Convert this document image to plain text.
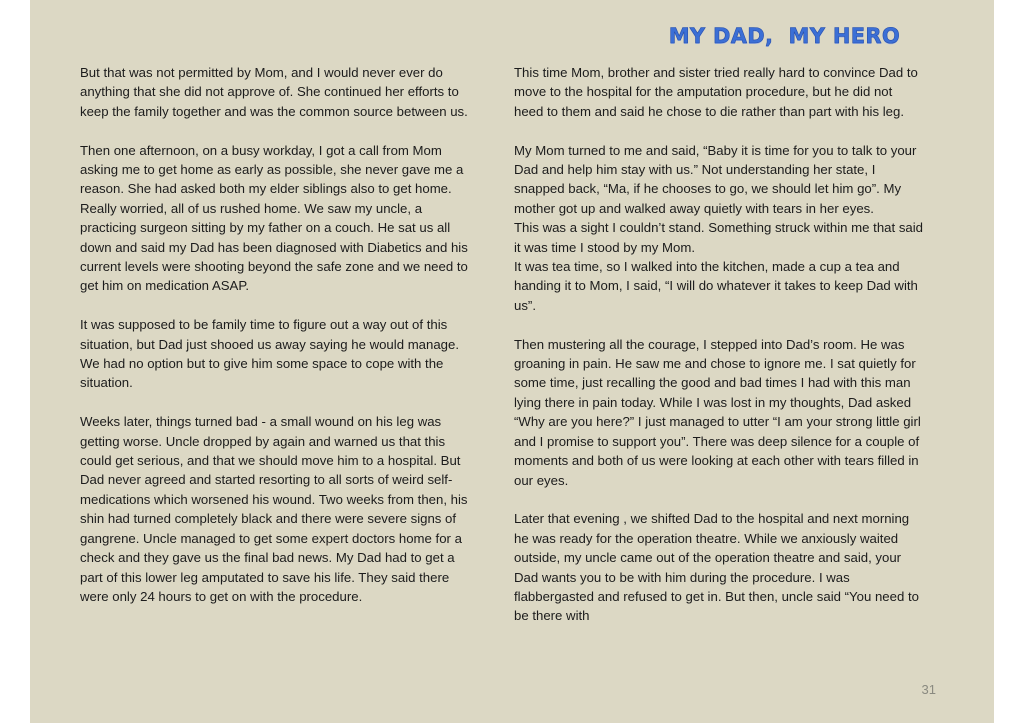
MY DAD,  MY HERO

But that was not permitted by Mom, and I would never ever do anything that she did not approve of. She continued her efforts to keep the family together and was the common source between us.

Then one afternoon, on a busy workday, I got a call from Mom asking me to get home as early as possible, she never gave me a reason. She had asked both my elder siblings also to get home. Really worried, all of us rushed home. We saw my uncle, a practicing surgeon sitting by my father on a couch. He sat us all down and said my Dad has been diagnosed with Diabetics and his current levels were shooting beyond the safe zone and we need to get him on medication ASAP.

It was supposed to be family time to figure out a way out of this situation, but Dad just shooed us away saying he would manage. We had no option but to give him some space to cope with the situation.

Weeks later, things turned bad - a small wound on his leg was getting worse. Uncle dropped by again and warned us that this could get serious, and that we should move him to a hospital. But Dad never agreed and started resorting to all sorts of weird self-medications which worsened his wound. Two weeks from then, his shin had turned completely black and there were severe signs of gangrene. Uncle managed to get some expert doctors home for a check and they gave us the final bad news. My Dad had to get a part of this lower leg amputated to save his life. They said there were only 24 hours to get on with the procedure.

This time Mom, brother and sister tried really hard to convince Dad to move to the hospital for the amputation procedure, but he did not heed to them and said he chose to die rather than part with his leg.

My Mom turned to me and said, “Baby it is time for you to talk to your Dad and help him stay with us.” Not understanding her state, I snapped back, “Ma, if he chooses to go, we should let him go”. My mother got up and walked away quietly with tears in her eyes.

This was a sight I couldn’t stand. Something struck within me that said it was time I stood by my Mom.

It was tea time, so I walked into the kitchen, made a cup a tea and handing it to Mom, I said, “I will do whatever it takes to keep Dad with us”.

Then mustering all the courage, I stepped into Dad’s room. He was groaning in pain. He saw me and chose to ignore me. I sat quietly for some time, just recalling the good and bad times I had with this man lying there in pain today. While I was lost in my thoughts, Dad asked “Why are you here?” I just managed to utter “I am your strong little girl and I promise to support you”. There was deep silence for a couple of moments and both of us were looking at each other with tears filled in our eyes.

Later that evening , we shifted Dad to the hospital and next morning he was ready for the operation theatre. While we anxiously waited outside, my uncle came out of the operation theatre and said, your Dad wants you to be with him during the procedure. I was flabbergasted and refused to get in. But then, uncle said “You need to be there with

31
